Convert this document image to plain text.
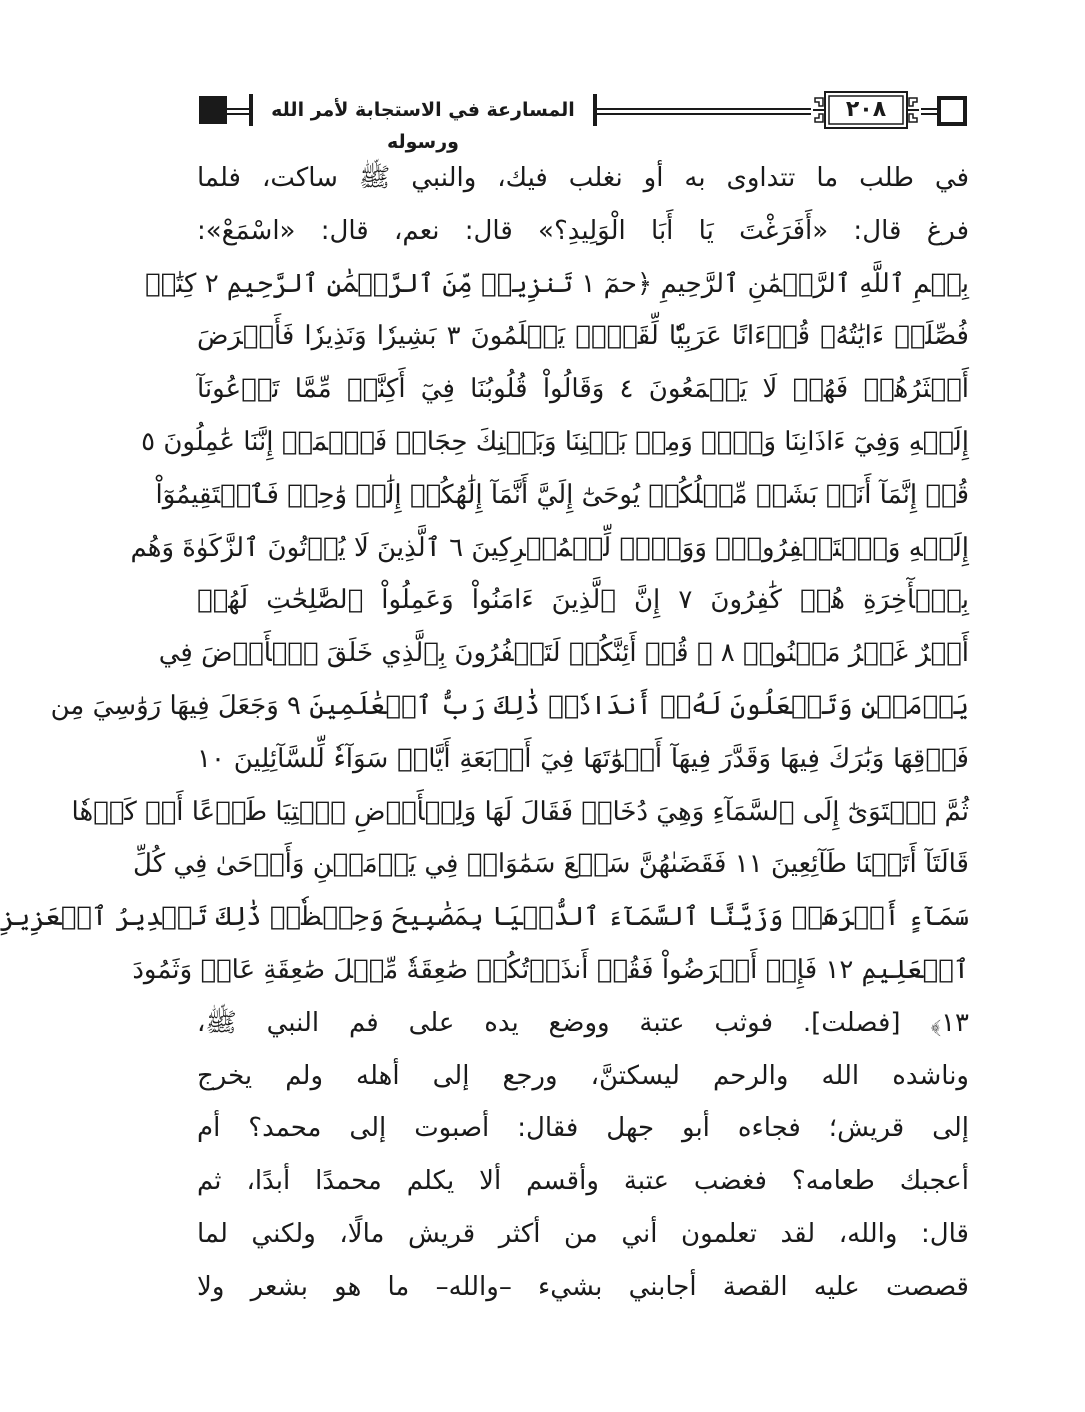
المسارعة في الاستجابة لأمر الله ورسوله
٢٠٨
في طلب ما تتداوى به أو نغلب فيك، والنبي ﷺ ساكت، فلما
فرغ قال: «أَفَرَغْتَ يَا أَبَا الْوَلِيدِ؟» قال: نعم، قال: «اسْمَعْ»:
بِسۡمِ ٱللَّهِ ٱلرَّحۡمَٰنِ ٱلرَّحِيمِ ﴿حمٓ ١ تَنزِيلٞ مِّنَ ٱلرَّحۡمَٰنِ ٱلرَّحِيمِ ٢ كِتَٰبٞ
فُصِّلَتۡ ءَايَٰتُهُۥ قُرۡءَانًا عَرَبِيّٗا لِّقَوۡمٖ يَعۡلَمُونَ ٣ بَشِيرٗا وَنَذِيرٗا فَأَعۡرَضَ
أَكۡثَرُهُمۡ فَهُمۡ لَا يَسۡمَعُونَ ٤ وَقَالُواْ قُلُوبُنَا فِيٓ أَكِنَّةٖ مِّمَّا تَدۡعُونَآ
إِلَيۡهِ وَفِيٓ ءَاذَانِنَا وَقۡرٞ وَمِنۢ بَيۡنِنَا وَبَيۡنِكَ حِجَابٞ فَٱعۡمَلۡ إِنَّنَا عَٰمِلُونَ ٥
قُلۡ إِنَّمَآ أَنَا۠ بَشَرٞ مِّثۡلُكُمۡ يُوحَىٰٓ إِلَيَّ أَنَّمَآ إِلَٰهُكُمۡ إِلَٰهٞ وَٰحِدٞ فَٱسۡتَقِيمُوٓاْ
إِلَيۡهِ وَٱسۡتَغۡفِرُوهُۗ وَوَيۡلٞ لِّلۡمُشۡرِكِينَ ٦ ٱلَّذِينَ لَا يُؤۡتُونَ ٱلزَّكَوٰةَ وَهُم
بِٱلۡأٓخِرَةِ هُمۡ كَٰفِرُونَ ٧ إِنَّ ٱلَّذِينَ ءَامَنُواْ وَعَمِلُواْ ٱلصَّٰلِحَٰتِ لَهُمۡ
أَجۡرٌ غَيۡرُ مَمۡنُونٖ ٨ ۞ قُلۡ أَئِنَّكُمۡ لَتَكۡفُرُونَ بِٱلَّذِي خَلَقَ ٱلۡأَرۡضَ فِي
يَوۡمَيۡنِ وَتَجۡعَلُونَ لَهُۥٓ أَندَادٗاۚ ذَٰلِكَ رَبُّ ٱلۡعَٰلَمِينَ ٩ وَجَعَلَ فِيهَا رَوَٰسِيَ مِن
فَوۡقِهَا وَبَٰرَكَ فِيهَا وَقَدَّرَ فِيهَآ أَقۡوَٰتَهَا فِيٓ أَرۡبَعَةِ أَيَّامٖ سَوَآءٗ لِّلسَّآئِلِينَ ١٠
ثُمَّ ٱسۡتَوَىٰٓ إِلَى ٱلسَّمَآءِ وَهِيَ دُخَانٞ فَقَالَ لَهَا وَلِلۡأَرۡضِ ٱئۡتِيَا طَوۡعًا أَوۡ كَرۡهٗا
قَالَتَآ أَتَيۡنَا طَآئِعِينَ ١١ فَقَضَىٰهُنَّ سَبۡعَ سَمَٰوَاتٖ فِي يَوۡمَيۡنِ وَأَوۡحَىٰ فِي كُلِّ
سَمَآءٍ أَمۡرَهَاۚ وَزَيَّنَّا ٱلسَّمَآءَ ٱلدُّنۡيَا بِمَصَٰبِيحَ وَحِفۡظٗاۚ ذَٰلِكَ تَقۡدِيرُ ٱلۡعَزِيزِ
ٱلۡعَلِيمِ ١٢ فَإِنۡ أَعۡرَضُواْ فَقُلۡ أَنذَرۡتُكُمۡ صَٰعِقَةٗ مِّثۡلَ صَٰعِقَةِ عَادٖ وَثَمُودَ
١٣﴾ [فصلت]. فوثب عتبة ووضع يده على فم النبي ﷺ،
وناشده الله والرحم ليسكتنَّ، ورجع إلى أهله ولم يخرج
إلى قريش؛ فجاءه أبو جهل فقال: أصبوت إلى محمد؟ أم
أعجبك طعامه؟ فغضب عتبة وأقسم ألا يكلم محمدًا أبدًا، ثم
قال: والله، لقد تعلمون أني من أكثر قريش مالًا، ولكني لما
قصصت عليه القصة أجابني بشيء –والله– ما هو بشعر ولا
